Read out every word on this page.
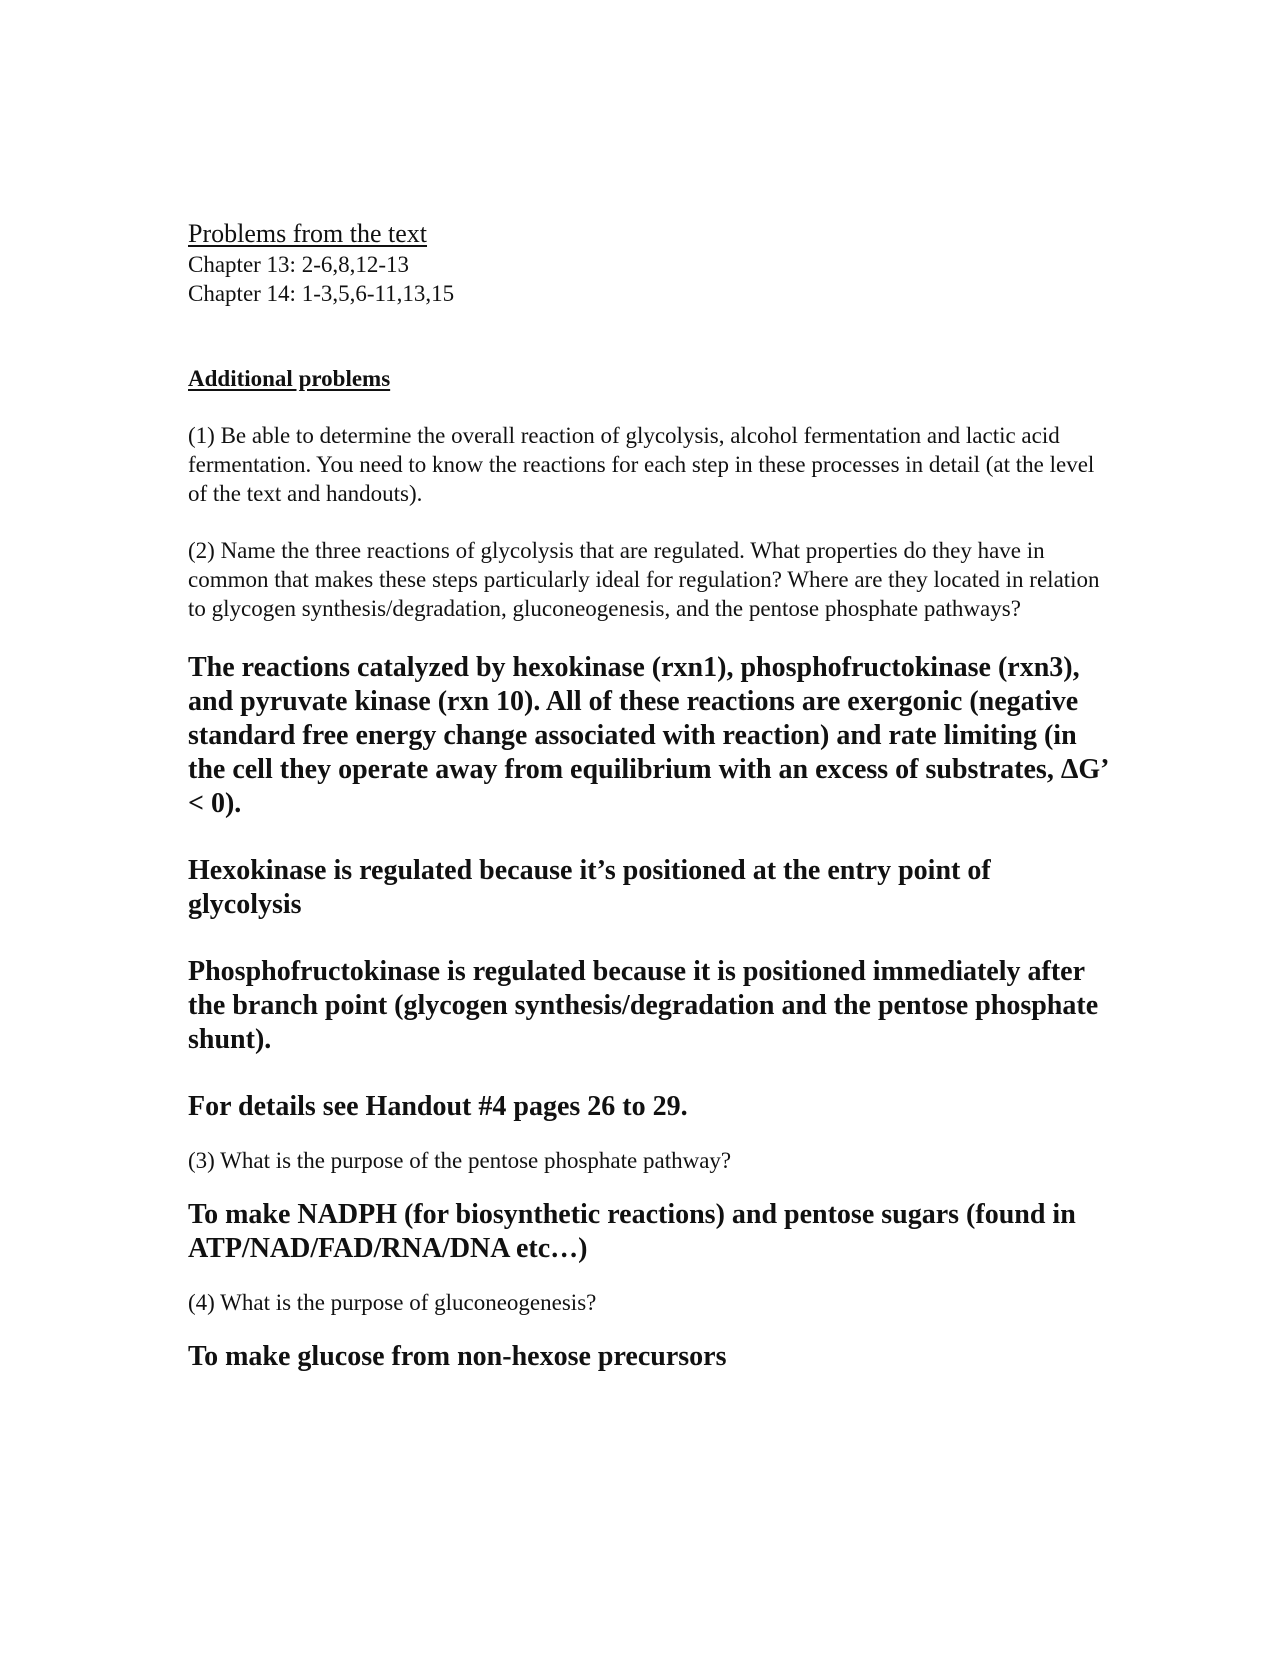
Problems from the text

Chapter 13: 2-6,8,12-13

Chapter 14: 1-3,5,6-11,13,15

Additional problems

(1) Be able to determine the overall reaction of glycolysis, alcohol fermentation and lactic acid fermentation. You need to know the reactions for each step in these processes in detail (at the level of the text and handouts).

(2) Name the three reactions of glycolysis that are regulated. What properties do they have in common that makes these steps particularly ideal for regulation? Where are they located in relation to glycogen synthesis/degradation, gluconeogenesis, and the pentose phosphate pathways?

The reactions catalyzed by hexokinase (rxn1), phosphofructokinase (rxn3), and pyruvate kinase (rxn 10). All of these reactions are exergonic (negative standard free energy change associated with reaction) and rate limiting (in the cell they operate away from equilibrium with an excess of substrates, ΔG’ < 0).

Hexokinase is regulated because it’s positioned at the entry point of glycolysis

Phosphofructokinase is regulated because it is positioned immediately after the branch point (glycogen synthesis/degradation and the pentose phosphate shunt).

For details see Handout #4 pages 26 to 29.

(3) What is the purpose of the pentose phosphate pathway?

To make NADPH (for biosynthetic reactions) and pentose sugars (found in ATP/NAD/FAD/RNA/DNA etc…)

(4) What is the purpose of gluconeogenesis?

To make glucose from non-hexose precursors
